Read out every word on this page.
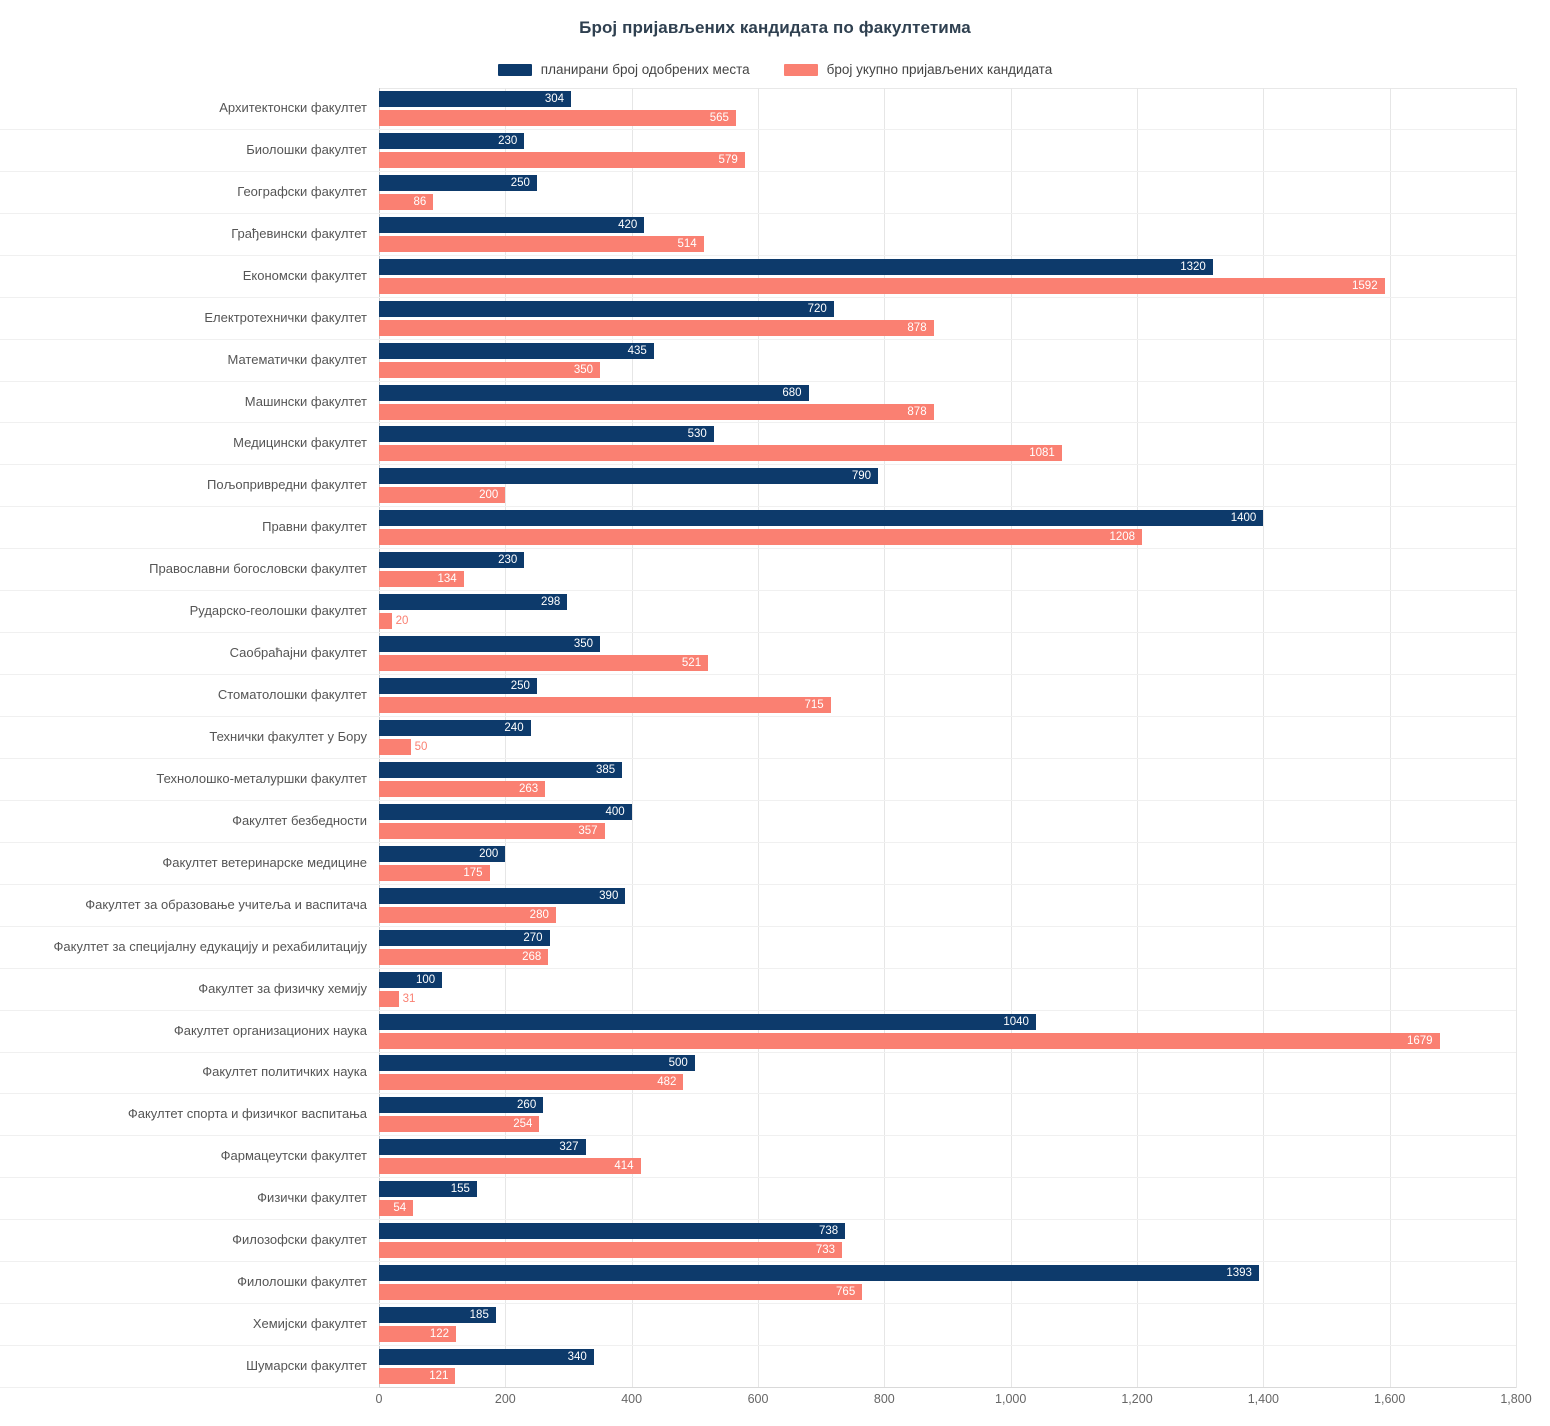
Број пријављених кандидата по факултетима
планирани број одобрених места	број укупно пријављених кандидата
Архитектонски факултет
304
565
Биолошки факултет
230
579
Географски факултет
250
86
Грађевински факултет
420
514
Економски факултет
1320
1592
Електротехнички факултет
720
878
Математички факултет
435
350
Машински факултет
680
878
Медицински факултет
530
1081
Пољопривредни факултет
790
200
Правни факултет
1400
1208
Православни богословски факултет
230
134
Рударско-геолошки факултет
298
20
Саобраћајни факултет
350
521
Стоматолошки факултет
250
715
Технички факултет у Бору
240
50
Технолошко-металуршки факултет
385
263
Факултет безбедности
400
357
Факултет ветеринарске медицине
200
175
Факултет за образовање учитеља и васпитача
390
280
Факултет за специјалну едукацију и рехабилитацију
270
268
Факултет за физичку хемију
100
31
Факултет организационих наука
1040
1679
Факултет политичких наука
500
482
Факултет спорта и физичког васпитања
260
254
Фармацеутски факултет
327
414
Физички факултет
155
54
Филозофски факултет
738
733
Филолошки факултет
1393
765
Хемијски факултет
185
122
Шумарски факултет
340
121
0	200	400	600	800	1,000	1,200	1,400	1,600	1,800
